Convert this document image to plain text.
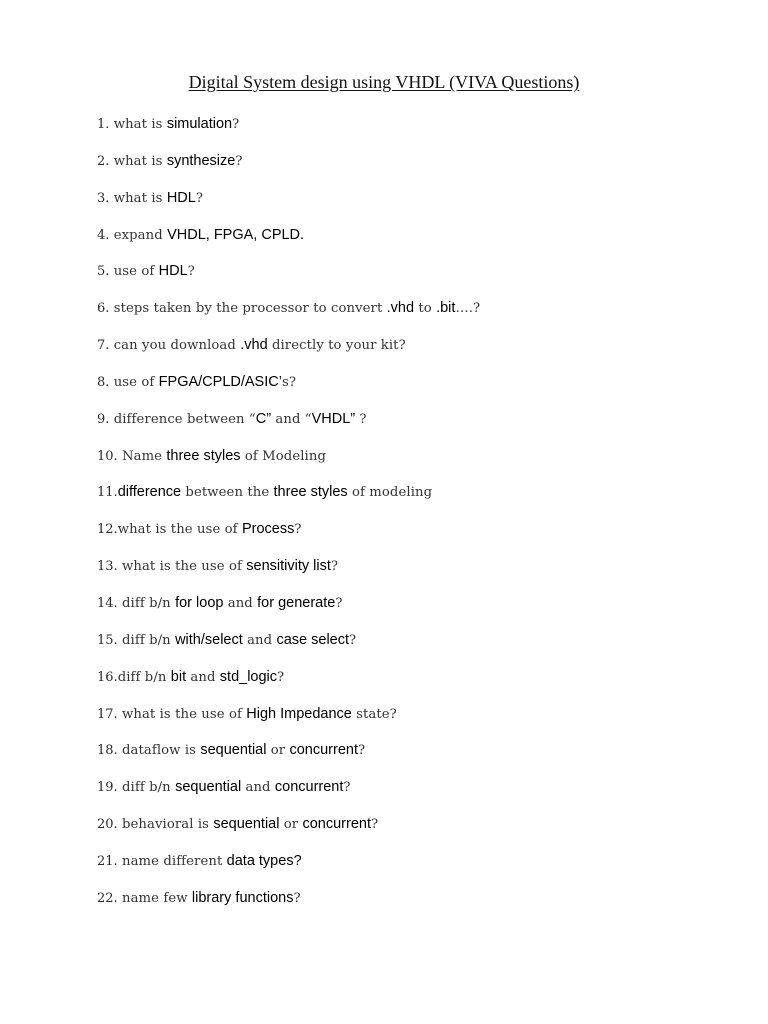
Digital System design using VHDL (VIVA Questions)
1. what is simulation?
2. what is synthesize?
3. what is HDL?
4. expand VHDL, FPGA, CPLD.
5. use of HDL?
6. steps taken by the processor to convert .vhd to .bit….?
7. can you download .vhd directly to your kit?
8. use of FPGA/CPLD/ASIC’s?
9. difference between “C” and “VHDL” ?
10. Name three styles of Modeling
11.difference between the three styles of modeling
12.what is the use of Process?
13. what is the use of sensitivity list?
14. diff b/n for loop and for generate?
15. diff b/n with/select and case select?
16.diff b/n bit and std_logic?
17. what is the use of High Impedance state?
18. dataflow is sequential or concurrent?
19. diff b/n sequential and concurrent?
20. behavioral is sequential or concurrent?
21. name different data types?
22. name few library functions?
